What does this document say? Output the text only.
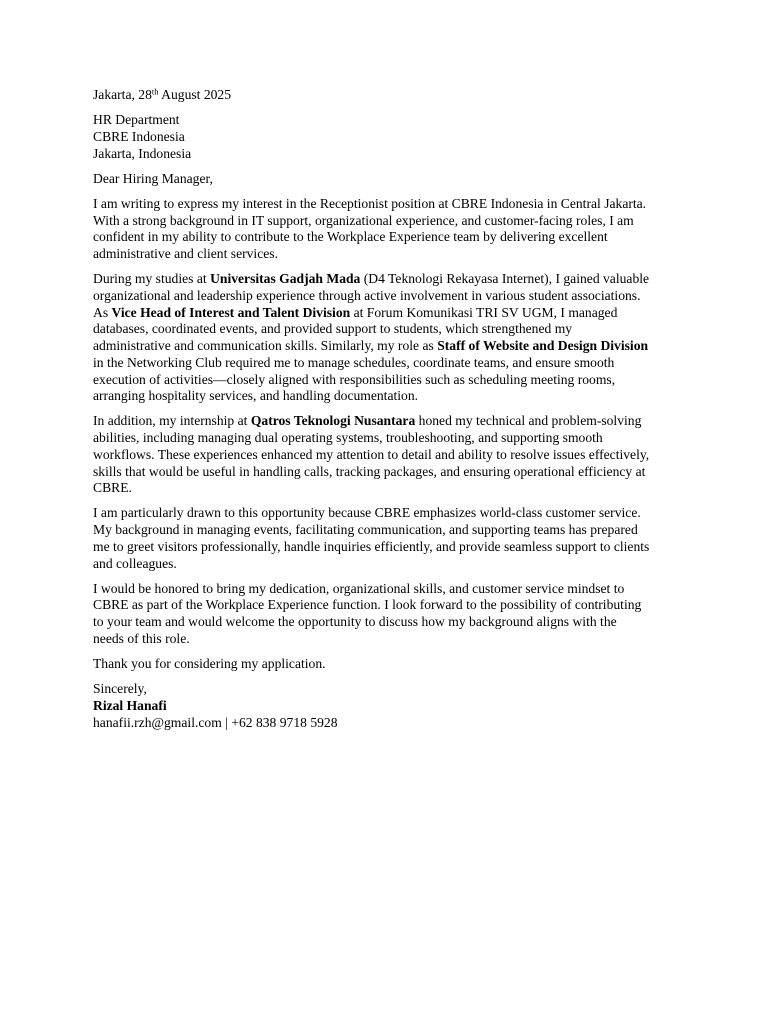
Jakarta, 28th August 2025
HR Department
CBRE Indonesia
Jakarta, Indonesia
Dear Hiring Manager,
I am writing to express my interest in the Receptionist position at CBRE Indonesia in Central Jakarta.
With a strong background in IT support, organizational experience, and customer-facing roles, I am
confident in my ability to contribute to the Workplace Experience team by delivering excellent
administrative and client services.
During my studies at Universitas Gadjah Mada (D4 Teknologi Rekayasa Internet), I gained valuable
organizational and leadership experience through active involvement in various student associations.
As Vice Head of Interest and Talent Division at Forum Komunikasi TRI SV UGM, I managed
databases, coordinated events, and provided support to students, which strengthened my
administrative and communication skills. Similarly, my role as Staff of Website and Design Division
in the Networking Club required me to manage schedules, coordinate teams, and ensure smooth
execution of activities—closely aligned with responsibilities such as scheduling meeting rooms,
arranging hospitality services, and handling documentation.
In addition, my internship at Qatros Teknologi Nusantara honed my technical and problem-solving
abilities, including managing dual operating systems, troubleshooting, and supporting smooth
workflows. These experiences enhanced my attention to detail and ability to resolve issues effectively,
skills that would be useful in handling calls, tracking packages, and ensuring operational efficiency at
CBRE.
I am particularly drawn to this opportunity because CBRE emphasizes world-class customer service.
My background in managing events, facilitating communication, and supporting teams has prepared
me to greet visitors professionally, handle inquiries efficiently, and provide seamless support to clients
and colleagues.
I would be honored to bring my dedication, organizational skills, and customer service mindset to
CBRE as part of the Workplace Experience function. I look forward to the possibility of contributing
to your team and would welcome the opportunity to discuss how my background aligns with the
needs of this role.
Thank you for considering my application.
Sincerely,
Rizal Hanafi
hanafii.rzh@gmail.com | +62 838 9718 5928
